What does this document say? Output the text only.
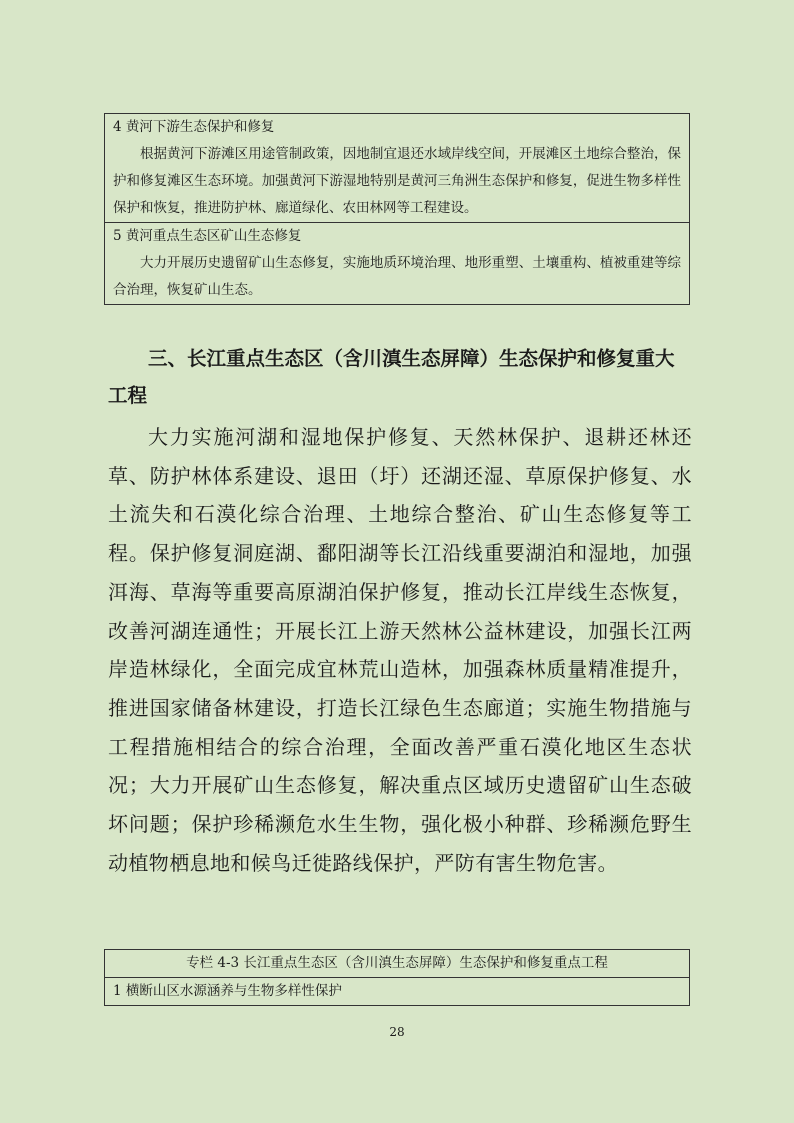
4 黄河下游生态保护和修复
根据黄河下游滩区用途管制政策，因地制宜退还水域岸线空间，开展滩区土地综合整治，保护和修复滩区生态环境。加强黄河下游湿地特别是黄河三角洲生态保护和修复，促进生物多样性保护和恢复，推进防护林、廊道绿化、农田林网等工程建设。
5 黄河重点生态区矿山生态修复
大力开展历史遗留矿山生态修复，实施地质环境治理、地形重塑、土壤重构、植被重建等综合治理，恢复矿山生态。
三、长江重点生态区（含川滇生态屏障）生态保护和修复重大工程

大力实施河湖和湿地保护修复、天然林保护、退耕还林还草、防护林体系建设、退田（圩）还湖还湿、草原保护修复、水土流失和石漠化综合治理、土地综合整治、矿山生态修复等工程。保护修复洞庭湖、鄱阳湖等长江沿线重要湖泊和湿地，加强洱海、草海等重要高原湖泊保护修复，推动长江岸线生态恢复，改善河湖连通性；开展长江上游天然林公益林建设，加强长江两岸造林绿化，全面完成宜林荒山造林，加强森林质量精准提升，推进国家储备林建设，打造长江绿色生态廊道；实施生物措施与工程措施相结合的综合治理，全面改善严重石漠化地区生态状况；大力开展矿山生态修复，解决重点区域历史遗留矿山生态破坏问题；保护珍稀濒危水生生物，强化极小种群、珍稀濒危野生动植物栖息地和候鸟迁徙路线保护，严防有害生物危害。

专栏 4-3 长江重点生态区（含川滇生态屏障）生态保护和修复重点工程
1 横断山区水源涵养与生物多样性保护
28
